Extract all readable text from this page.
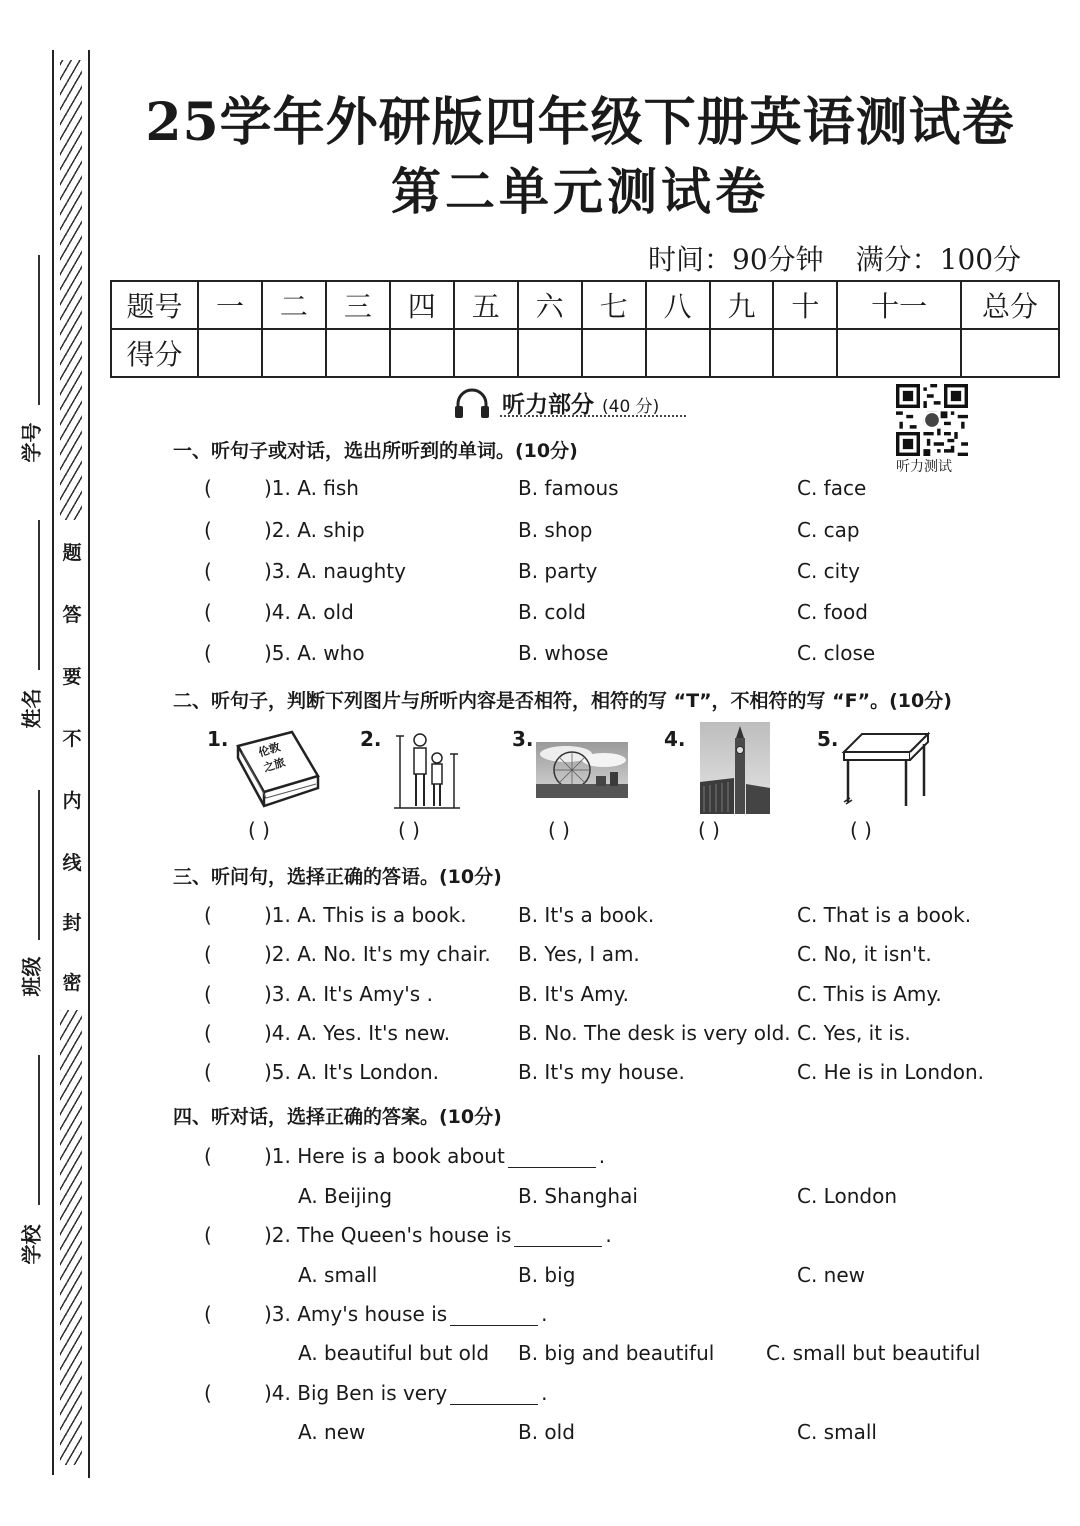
题
答
要
不
内
线
封
密
学号
姓名
班级
学校
25学年外研版四年级下册英语测试卷
第二单元测试卷
时间：90分钟 满分：100分
题号	一	二	三	四	五	六	七	八	九	十	十一	总分
得分												
听力部分 (40 分)
听力测试
一、听句子或对话，选出所听到的单词。(10分)
(	)1. A. fish	B. famous	C. face
(	)2. A. ship	B. shop	C. cap
(	)3. A. naughty	B. party	C. city
(	)4. A. old	B. cold	C. food
(	)5. A. who	B. whose	C. close
二、听句子，判断下列图片与所听内容是否相符，相符的写 “T”，不相符的写 “F”。(10分)
1.	伦敦之旅
( )
2.
( )
3.
( )
4.
( )
5.
( )
三、听问句，选择正确的答语。(10分)
(	)1. A. This is a book.	B. It's a book.	C. That is a book.
(	)2. A. No. It's my chair. B. Yes, I am.	C. No, it isn't.
(	)3. A. It's Amy's .	B. It's Amy.	C. This is Amy.
(	)4. A. Yes. It's new.	B. No. The desk is very old. C. Yes, it is.
(	)5. A. It's London.	B. It's my house.	C. He is in London.
四、听对话，选择正确的答案。(10分)
(	)1. Here is a book about	.
A. Beijing	B. Shanghai	C. London
(	)2. The Queen's house is	.
A. small	B. big	C. new
(	)3. Amy's house is	.
A. beautiful but old B. big and beautiful	C. small but beautiful
(	)4. Big Ben is very	.
A. new	B. old	C. small
